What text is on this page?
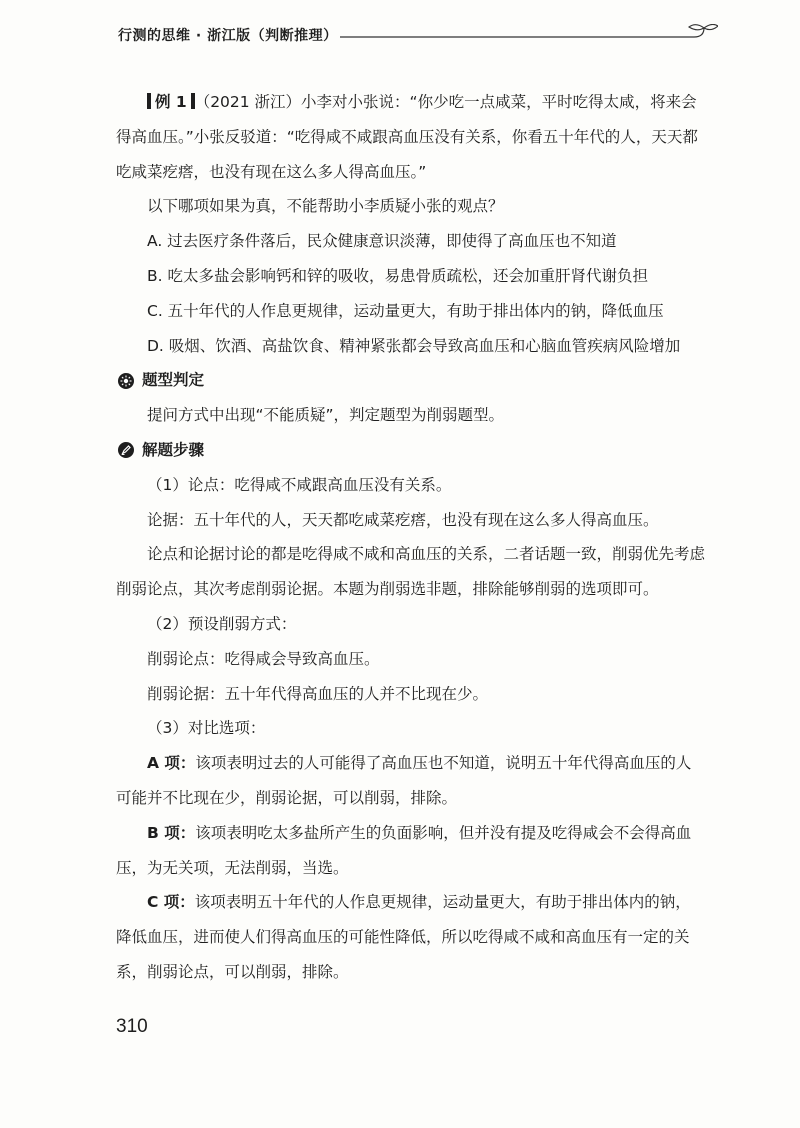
行测的思维 · 浙江版（判断推理）

例 1 （2021 浙江）小李对小张说：“你少吃一点咸菜，平时吃得太咸，将来会得高血压。”小张反驳道：“吃得咸不咸跟高血压没有关系，你看五十年代的人，天天都吃咸菜疙瘩，也没有现在这么多人得高血压。”

以下哪项如果为真，不能帮助小李质疑小张的观点？

A. 过去医疗条件落后，民众健康意识淡薄，即使得了高血压也不知道

B. 吃太多盐会影响钙和锌的吸收，易患骨质疏松，还会加重肝肾代谢负担

C. 五十年代的人作息更规律，运动量更大，有助于排出体内的钠，降低血压

D. 吸烟、饮酒、高盐饮食、精神紧张都会导致高血压和心脑血管疾病风险增加

题型判定

提问方式中出现“不能质疑”，判定题型为削弱题型。

解题步骤

（1）论点：吃得咸不咸跟高血压没有关系。

论据：五十年代的人，天天都吃咸菜疙瘩，也没有现在这么多人得高血压。

论点和论据讨论的都是吃得咸不咸和高血压的关系，二者话题一致，削弱优先考虑削弱论点，其次考虑削弱论据。本题为削弱选非题，排除能够削弱的选项即可。

（2）预设削弱方式：

削弱论点：吃得咸会导致高血压。

削弱论据：五十年代得高血压的人并不比现在少。

（3）对比选项：

A 项：该项表明过去的人可能得了高血压也不知道，说明五十年代得高血压的人可能并不比现在少，削弱论据，可以削弱，排除。

B 项：该项表明吃太多盐所产生的负面影响，但并没有提及吃得咸会不会得高血压，为无关项，无法削弱，当选。

C 项：该项表明五十年代的人作息更规律，运动量更大，有助于排出体内的钠，降低血压，进而使人们得高血压的可能性降低，所以吃得咸不咸和高血压有一定的关系，削弱论点，可以削弱，排除。

310
